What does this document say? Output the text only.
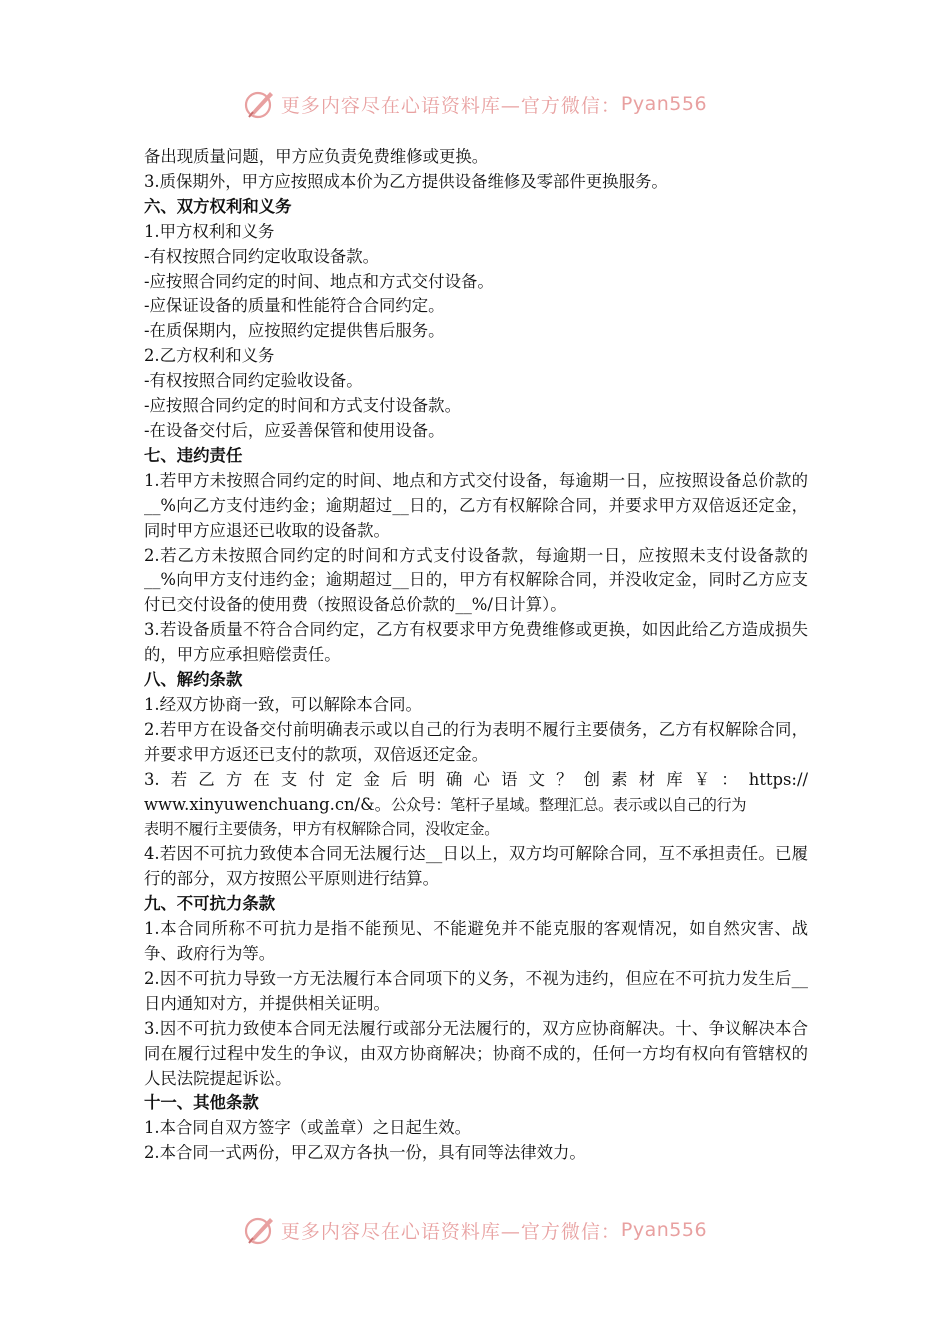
更多内容尽在心语资料库—官方微信： Pyan556

备出现质量问题，甲方应负责免费维修或更换。

3.质保期外，甲方应按照成本价为乙方提供设备维修及零部件更换服务。

六、双方权利和义务

1.甲方权利和义务

-有权按照合同约定收取设备款。

-应按照合同约定的时间、地点和方式交付设备。

-应保证设备的质量和性能符合合同约定。

-在质保期内，应按照约定提供售后服务。

2.乙方权利和义务

-有权按照合同约定验收设备。

-应按照合同约定的时间和方式支付设备款。

-在设备交付后，应妥善保管和使用设备。

七、违约责任

1.若甲方未按照合同约定的时间、地点和方式交付设备，每逾期一日，应按照设备总价款的__%向乙方支付违约金；逾期超过__日的，乙方有权解除合同，并要求甲方双倍返还定金，同时甲方应退还已收取的设备款。

2.若乙方未按照合同约定的时间和方式支付设备款，每逾期一日，应按照未支付设备款的__%向甲方支付违约金；逾期超过__日的，甲方有权解除合同，并没收定金，同时乙方应支付已交付设备的使用费（按照设备总价款的__%/日计算）。

3.若设备质量不符合合同约定，乙方有权要求甲方免费维修或更换，如因此给乙方造成损失的，甲方应承担赔偿责任。

八、解约条款

1.经双方协商一致，可以解除本合同。

2.若甲方在设备交付前明确表示或以自己的行为表明不履行主要债务，乙方有权解除合同，并要求甲方返还已支付的款项，双倍返还定金。

3.若乙方在支付定金后明确心语文？创素材库￥：https://

www.xinyuwenchuang.cn/&。公众号：笔杆子星域。整理汇总。表示或以自己的行为

表明不履行主要债务，甲方有权解除合同，没收定金。

4.若因不可抗力致使本合同无法履行达__日以上，双方均可解除合同，互不承担责任。已履行的部分，双方按照公平原则进行结算。

九、不可抗力条款

1.本合同所称不可抗力是指不能预见、不能避免并不能克服的客观情况，如自然灾害、战争、政府行为等。

2.因不可抗力导致一方无法履行本合同项下的义务，不视为违约，但应在不可抗力发生后__日内通知对方，并提供相关证明。

3.因不可抗力致使本合同无法履行或部分无法履行的，双方应协商解决。十、争议解决本合同在履行过程中发生的争议，由双方协商解决；协商不成的，任何一方均有权向有管辖权的人民法院提起诉讼。

十一、其他条款

1.本合同自双方签字（或盖章）之日起生效。

2.本合同一式两份，甲乙双方各执一份，具有同等法律效力。

更多内容尽在心语资料库—官方微信： Pyan556
